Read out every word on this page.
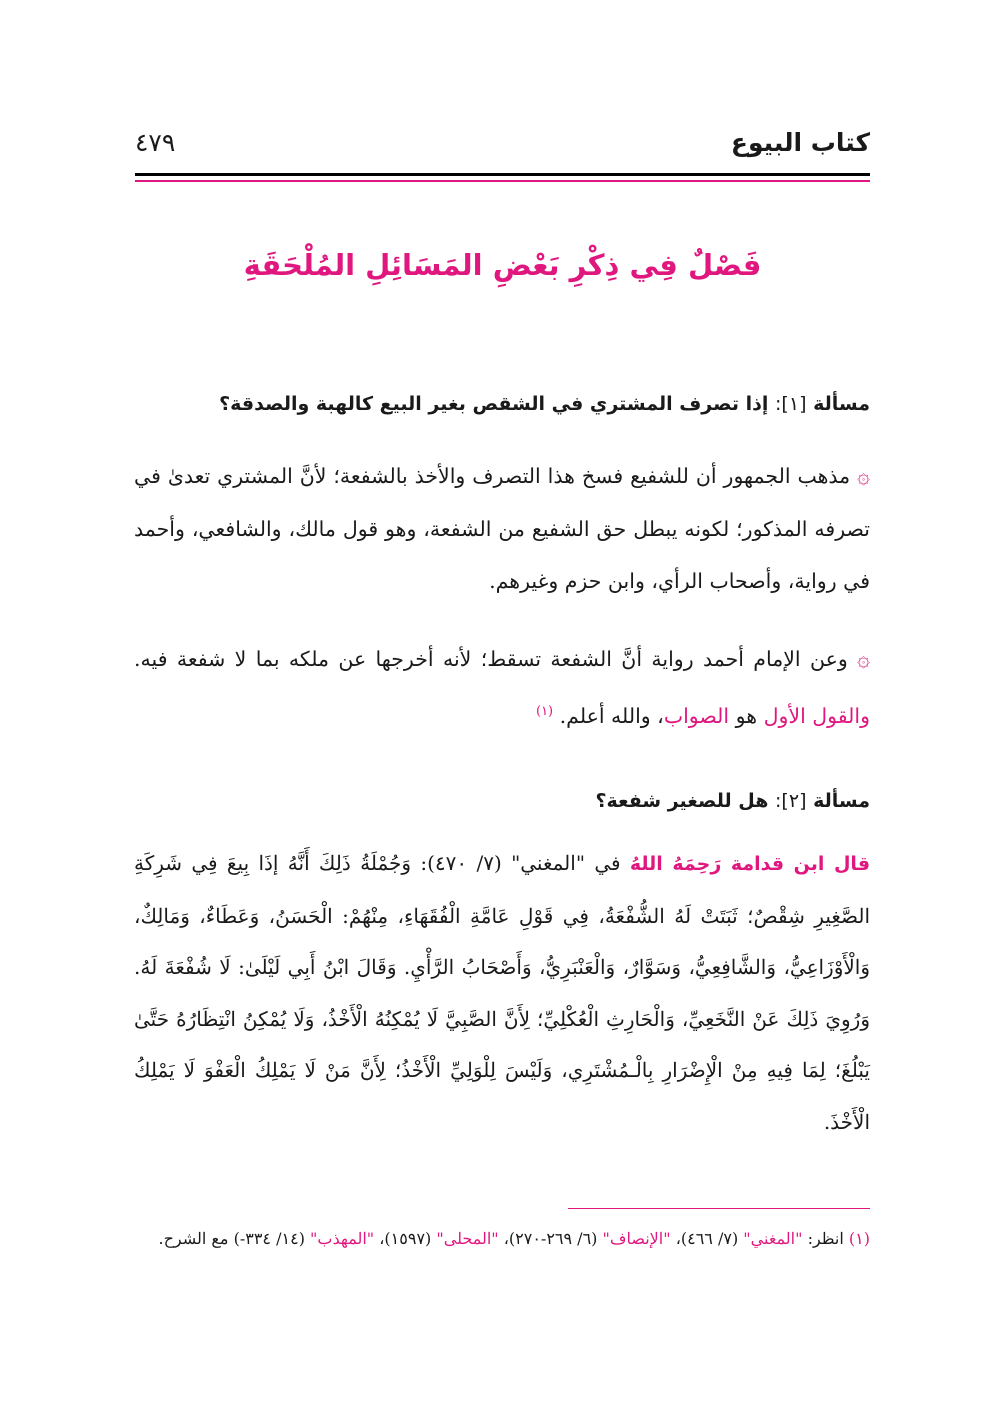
كتاب البيوع
٤٧٩
فَصْلٌ فِي ذِكْرِ بَعْضِ المَسَائِلِ المُلْحَقَةِ
مسألة [١]: إذا تصرف المشتري في الشقص بغير البيع كالهبة والصدقة؟
۞ مذهب الجمهور أن للشفيع فسخ هذا التصرف والأخذ بالشفعة؛ لأنَّ المشتري تعدىٰ في تصرفه المذكور؛ لكونه يبطل حق الشفيع من الشفعة، وهو قول مالك، والشافعي، وأحمد في رواية، وأصحاب الرأي، وابن حزم وغيرهم.
۞ وعن الإمام أحمد رواية أنَّ الشفعة تسقط؛ لأنه أخرجها عن ملكه بما لا شفعة فيه. والقول الأول هو الصواب، والله أعلم. $^{(١)}$
مسألة [٢]: هل للصغير شفعة؟
قال ابن قدامة رَحِمَهُ اللهُ في "المغني" (٧/ ٤٧٠): وَجُمْلَةُ ذَلِكَ أَنَّهُ إذَا بِيعَ فِي شَرِكَةِ الصَّغِيرِ شِقْصٌ؛ ثَبَتَتْ لَهُ الشُّفْعَةُ، فِي قَوْلِ عَامَّةِ الْفُقَهَاءِ، مِنْهُمْ: الْحَسَنُ، وَعَطَاءٌ، وَمَالِكٌ، وَالْأَوْزَاعِيُّ، وَالشَّافِعِيُّ، وَسَوَّارٌ، وَالْعَنْبَرِيُّ، وَأَصْحَابُ الرَّأْيِ. وَقَالَ ابْنُ أَبِي لَيْلَىٰ: لَا شُفْعَةَ لَهُ. وَرُوِيَ ذَلِكَ عَنْ النَّخَعِيِّ، وَالْحَارِثِ الْعُكْلِيِّ؛ لِأَنَّ الصَّبِيَّ لَا يُمْكِنُهُ الْأَخْذُ، وَلَا يُمْكِنُ انْتِظَارُهُ حَتَّىٰ يَبْلُغَ؛ لِمَا فِيهِ مِنْ الْإِضْرَارِ بِالْـمُشْتَرِي، وَلَيْسَ لِلْوَلِيِّ الْأَخْذُ؛ لِأَنَّ مَنْ لَا يَمْلِكُ الْعَفْوَ لَا يَمْلِكُ الْأَخْذَ.
(١) انظر: "المغني" (٧/ ٤٦٦)، "الإنصاف" (٦/ ٢٦٩-٢٧٠)، "المحلى" (١٥٩٧)، "المهذب" (١٤/ ٣٣٤-) مع الشرح.
